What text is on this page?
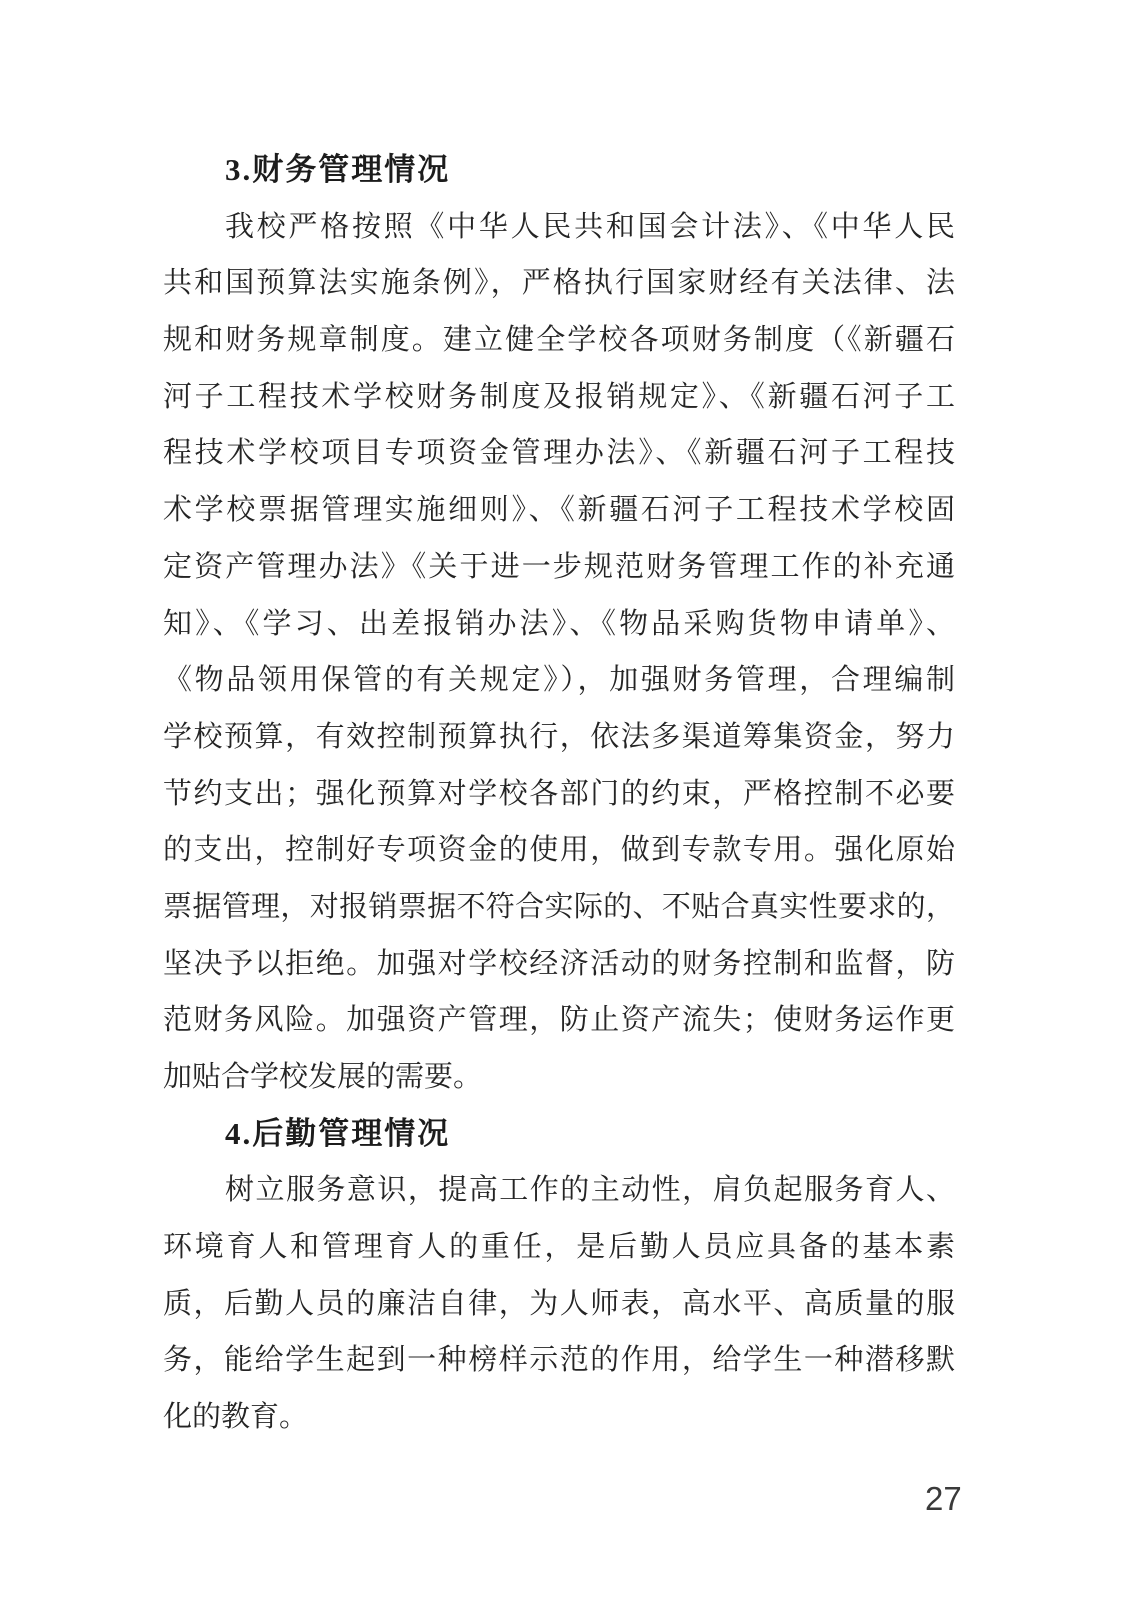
3.财务管理情况
我校严格按照《中华人民共和国会计法》、《中华人民
共和国预算法实施条例》，严格执行国家财经有关法律、法
规和财务规章制度。建立健全学校各项财务制度（《新疆石
河子工程技术学校财务制度及报销规定》、《新疆石河子工
程技术学校项目专项资金管理办法》、《新疆石河子工程技
术学校票据管理实施细则》、《新疆石河子工程技术学校固
定资产管理办法》《关于进一步规范财务管理工作的补充通
知》、《学习、出差报销办法》、《物品采购货物申请单》、
《物品领用保管的有关规定》），加强财务管理，合理编制
学校预算，有效控制预算执行，依法多渠道筹集资金，努力
节约支出；强化预算对学校各部门的约束，严格控制不必要
的支出，控制好专项资金的使用，做到专款专用。强化原始
票据管理，对报销票据不符合实际的、不贴合真实性要求的，
坚决予以拒绝。加强对学校经济活动的财务控制和监督，防
范财务风险。加强资产管理，防止资产流失；使财务运作更
加贴合学校发展的需要。
4.后勤管理情况
树立服务意识，提高工作的主动性，肩负起服务育人、
环境育人和管理育人的重任，是后勤人员应具备的基本素
质，后勤人员的廉洁自律，为人师表，高水平、高质量的服
务，能给学生起到一种榜样示范的作用，给学生一种潜移默
化的教育。
27
